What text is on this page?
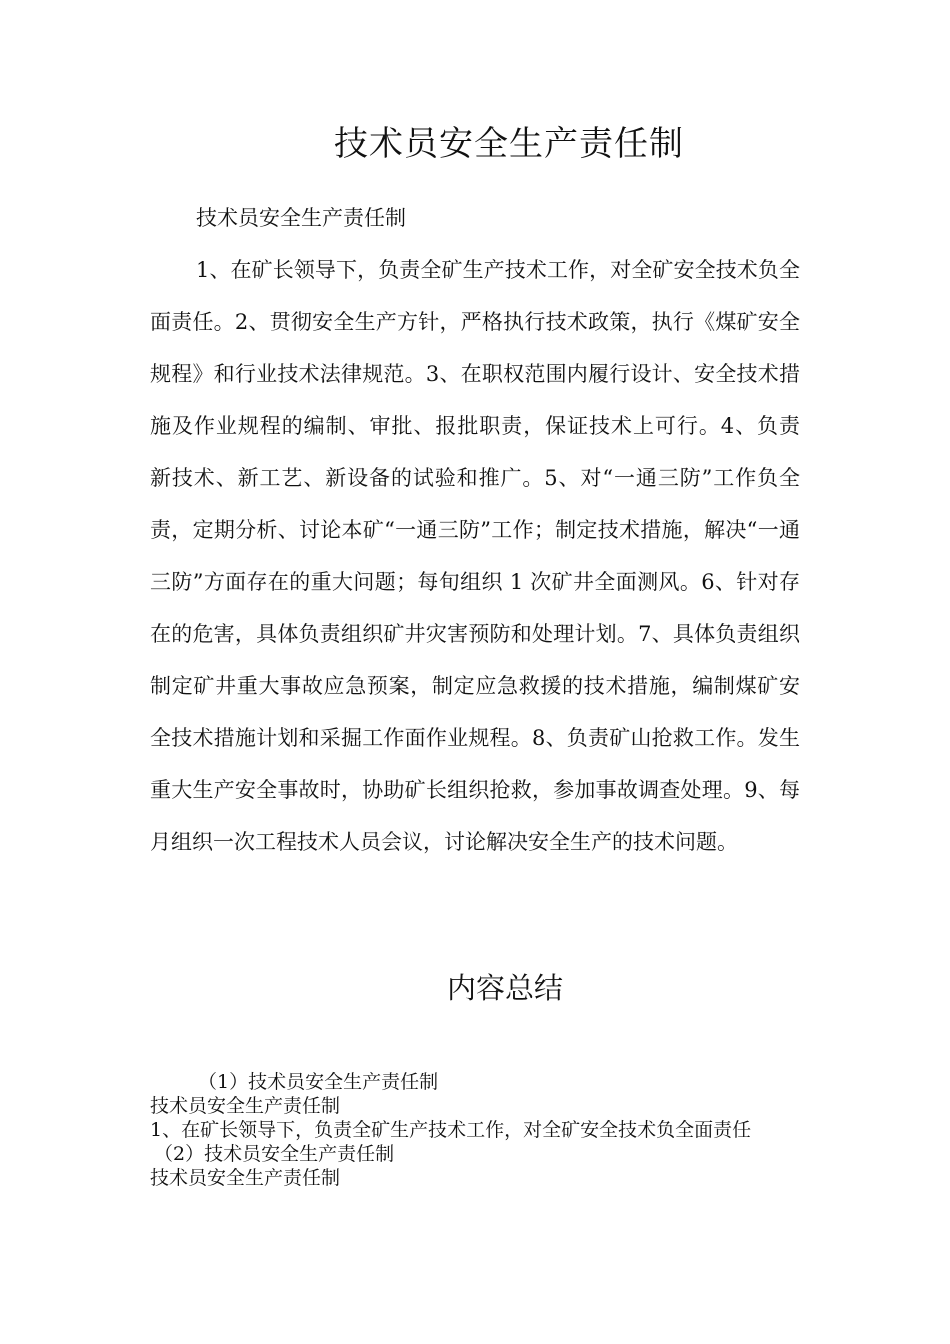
技术员安全生产责任制

技术员安全生产责任制

1、在矿长领导下，负责全矿生产技术工作，对全矿安全技术负全面责任。2、贯彻安全生产方针，严格执行技术政策，执行《煤矿安全规程》和行业技术法律规范。3、在职权范围内履行设计、安全技术措施及作业规程的编制、审批、报批职责，保证技术上可行。4、负责 新技术、新工艺、新设备的试验和推广。5、对“一通三防”工作负全责，定期分析、讨论本矿“一通三防”工作；制定技术措施，解决“一通三防”方面存在的重大问题；每旬组织 1 次矿井全面测风。6、针对存在的危害，具体负责组织矿井灾害预防和处理计划。7、具体负责组织制定矿井重大事故应急预案，制定应急救援的技术措施，编制煤矿安全技术措施计划和采掘工作面作业规程。8、负责矿山抢救工作。发生重大生产安全事故时，协助矿长组织抢救，参加事故调查处理。9、每月组织一次工程技术人员会议，讨论解决安全生产的技术问题。

内容总结

（1）技术员安全生产责任制

技术员安全生产责任制

1、在矿长领导下，负责全矿生产技术工作，对全矿安全技术负全面责任

（2）技术员安全生产责任制

技术员安全生产责任制
